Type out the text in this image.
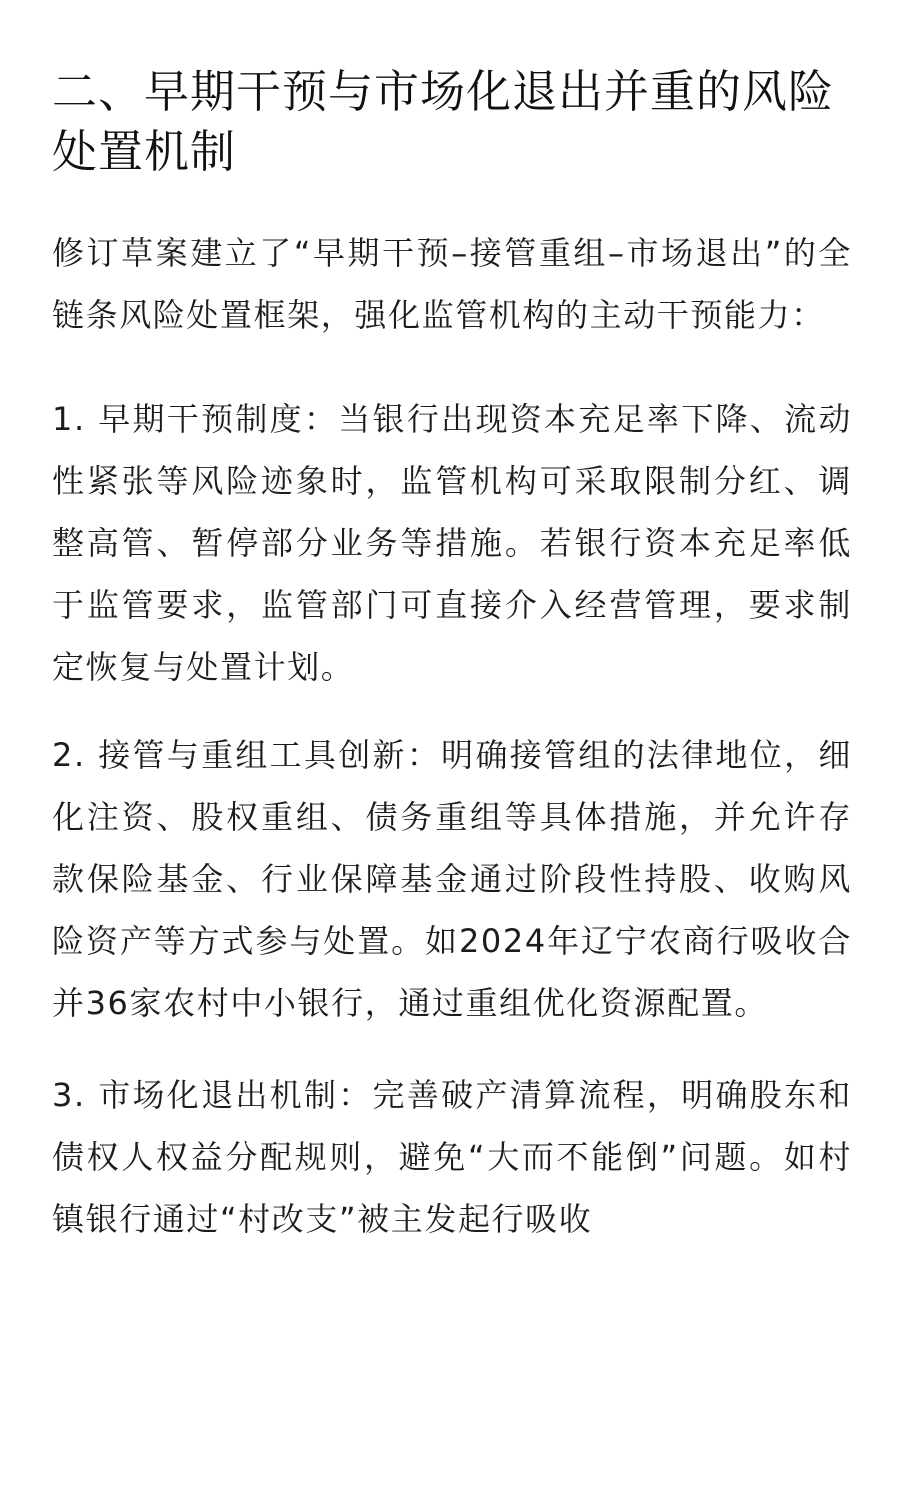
二、早期干预与市场化退出并重的风险处置机制

修订草案建立了“早期干预–接管重组–市场退出”的全链条风险处置框架，强化监管机构的主动干预能力：

1. 早期干预制度：当银行出现资本充足率下降、流动性紧张等风险迹象时，监管机构可采取限制分红、调整高管、暂停部分业务等措施。若银行资本充足率低于监管要求，监管部门可直接介入经营管理，要求制定恢复与处置计划。

2. 接管与重组工具创新：明确接管组的法律地位，细化注资、股权重组、债务重组等具体措施，并允许存款保险基金、行业保障基金通过阶段性持股、收购风险资产等方式参与处置。如2024年辽宁农商行吸收合并36家农村中小银行，通过重组优化资源配置。

3. 市场化退出机制：完善破产清算流程，明确股东和债权人权益分配规则，避免“大而不能倒”问题。如村镇银行通过“村改支”被主发起行吸收
